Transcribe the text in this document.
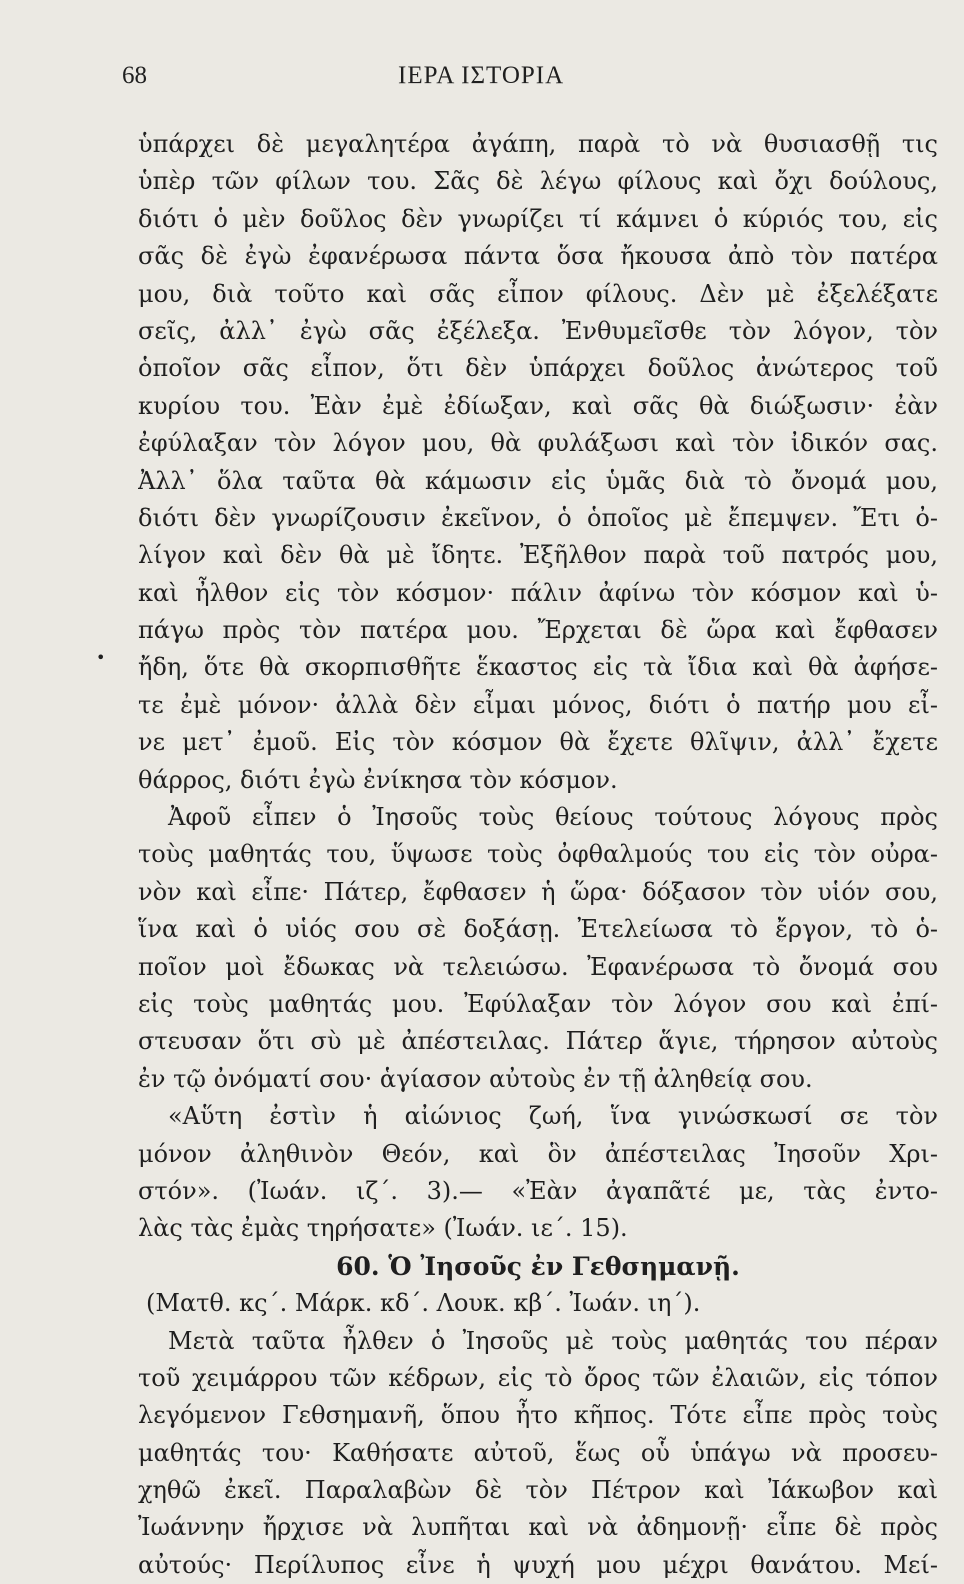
68	ΙΕΡΑ ΙΣΤΟΡΙΑ
•
ὑπάρχει δὲ μεγαλητέρα ἀγάπη, παρὰ τὸ νὰ θυσιασθῇ τις
ὑπὲρ τῶν φίλων του. Σᾶς δὲ λέγω φίλους καὶ ὄχι δούλους,
διότι ὁ μὲν δοῦλος δὲν γνωρίζει τί κάμνει ὁ κύριός του, εἰς
σᾶς δὲ ἐγὼ ἐφανέρωσα πάντα ὅσα ἤκουσα ἀπὸ τὸν πατέρα
μου, διὰ τοῦτο καὶ σᾶς εἶπον φίλους. Δὲν μὲ ἐξελέξατε
σεῖς, ἀλλ᾽ ἐγὼ σᾶς ἐξέλεξα. Ἐνθυμεῖσθε τὸν λόγον, τὸν
ὁποῖον σᾶς εἶπον, ὅτι δὲν ὑπάρχει δοῦλος ἀνώτερος τοῦ
κυρίου του. Ἐὰν ἐμὲ ἐδίωξαν, καὶ σᾶς θὰ διώξωσιν· ἐὰν
ἐφύλαξαν τὸν λόγον μου, θὰ φυλάξωσι καὶ τὸν ἰδικόν σας.
Ἀλλ᾽ ὅλα ταῦτα θὰ κάμωσιν εἰς ὑμᾶς διὰ τὸ ὄνομά μου,
διότι δὲν γνωρίζουσιν ἐκεῖνον, ὁ ὁποῖος μὲ ἔπεμψεν. Ἔτι ὀ-
λίγον καὶ δὲν θὰ μὲ ἴδητε. Ἐξῆλθον παρὰ τοῦ πατρός μου,
καὶ ἦλθον εἰς τὸν κόσμον· πάλιν ἀφίνω τὸν κόσμον καὶ ὑ-
πάγω πρὸς τὸν πατέρα μου. Ἔρχεται δὲ ὥρα καὶ ἔφθασεν
ἤδη, ὅτε θὰ σκορπισθῆτε ἕκαστος εἰς τὰ ἴδια καὶ θὰ ἀφήσε-
τε ἐμὲ μόνον· ἀλλὰ δὲν εἶμαι μόνος, διότι ὁ πατήρ μου εἶ-
νε μετ᾽ ἐμοῦ. Εἰς τὸν κόσμον θὰ ἔχετε θλῖψιν, ἀλλ᾽ ἔχετε
θάρρος, διότι ἐγὼ ἐνίκησα τὸν κόσμον.
Ἀφοῦ εἶπεν ὁ Ἰησοῦς τοὺς θείους τούτους λόγους πρὸς
τοὺς μαθητάς του, ὕψωσε τοὺς ὀφθαλμούς του εἰς τὸν οὐρα-
νὸν καὶ εἶπε· Πάτερ, ἔφθασεν ἡ ὥρα· δόξασον τὸν υἱόν σου,
ἵνα καὶ ὁ υἱός σου σὲ δοξάσῃ. Ἐτελείωσα τὸ ἔργον, τὸ ὁ-
ποῖον μοὶ ἔδωκας νὰ τελειώσω. Ἐφανέρωσα τὸ ὄνομά σου
εἰς τοὺς μαθητάς μου. Ἐφύλαξαν τὸν λόγον σου καὶ ἐπί-
στευσαν ὅτι σὺ μὲ ἀπέστειλας. Πάτερ ἅγιε, τήρησον αὐτοὺς
ἐν τῷ ὀνόματί σου· ἁγίασον αὐτοὺς ἐν τῇ ἀληθείᾳ σου.
«Αὕτη ἐστὶν ἡ αἰώνιος ζωή, ἵνα γινώσκωσί σε τὸν
μόνον ἀληθινὸν Θεόν, καὶ ὃν ἀπέστειλας Ἰησοῦν Χρι-
στόν». (Ἰωάν. ιζ΄. 3).— «Ἐὰν ἀγαπᾶτέ με, τὰς ἐντο-
λὰς τὰς ἐμὰς τηρήσατε» (Ἰωάν. ιε΄. 15).
60. Ὁ Ἰησοῦς ἐν Γεθσημανῇ.
(Ματθ. κς΄. Μάρκ. κδ΄. Λουκ. κβ΄. Ἰωάν. ιη΄).
Μετὰ ταῦτα ἦλθεν ὁ Ἰησοῦς μὲ τοὺς μαθητάς του πέραν
τοῦ χειμάρρου τῶν κέδρων, εἰς τὸ ὄρος τῶν ἐλαιῶν, εἰς τόπον
λεγόμενον Γεθσημανῆ, ὅπου ἦτο κῆπος. Τότε εἶπε πρὸς τοὺς
μαθητάς του· Καθήσατε αὐτοῦ, ἕως οὗ ὑπάγω νὰ προσευ-
χηθῶ ἐκεῖ. Παραλαβὼν δὲ τὸν Πέτρον καὶ Ἰάκωβον καὶ
Ἰωάννην ἤρχισε νὰ λυπῆται καὶ νὰ ἀδημονῇ· εἶπε δὲ πρὸς
αὐτούς· Περίλυπος εἶνε ἡ ψυχή μου μέχρι θανάτου. Μεί-
